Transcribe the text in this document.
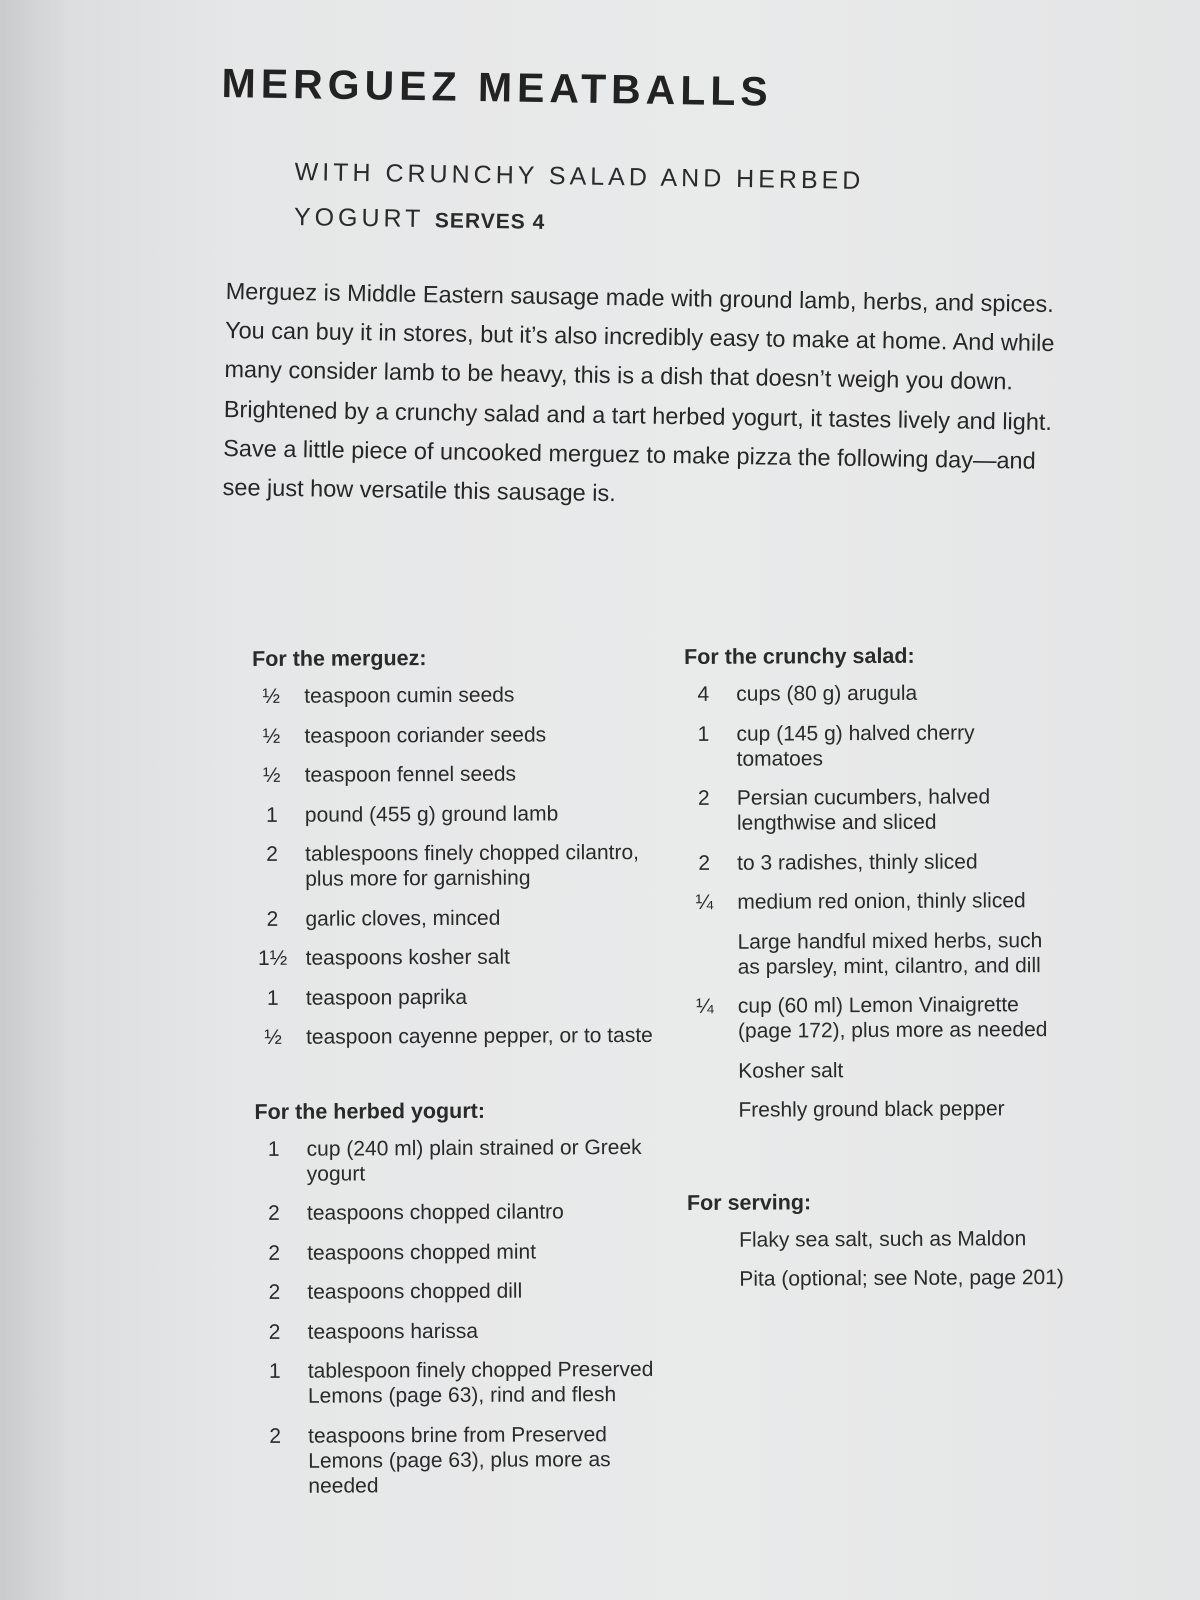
MERGUEZ MEATBALLS

WITH CRUNCHY SALAD AND HERBED YOGURT SERVES 4

Merguez is Middle Eastern sausage made with ground lamb, herbs, and spices. You can buy it in stores, but it’s also incredibly easy to make at home. And while many consider lamb to be heavy, this is a dish that doesn’t weigh you down. Brightened by a crunchy salad and a tart herbed yogurt, it tastes lively and light. Save a little piece of uncooked merguez to make pizza the following day—and see just how versatile this sausage is.

For the merguez:
½	teaspoon cumin seeds
½	teaspoon coriander seeds
½	teaspoon fennel seeds
1	pound (455 g) ground lamb
2	tablespoons finely chopped cilantro, plus more for garnishing
2	garlic cloves, minced
1½ teaspoons kosher salt
1	teaspoon paprika
½	teaspoon cayenne pepper, or to taste
For the herbed yogurt:
1	cup (240 ml) plain strained or Greek yogurt
2	teaspoons chopped cilantro
2	teaspoons chopped mint
2	teaspoons chopped dill
2	teaspoons harissa
1	tablespoon finely chopped Preserved Lemons (page 63), rind and flesh
2	teaspoons brine from Preserved Lemons (page 63), plus more as needed
For the crunchy salad:
4	cups (80 g) arugula
1	cup (145 g) halved cherry tomatoes
2	Persian cucumbers, halved lengthwise and sliced
2	to 3 radishes, thinly sliced
¼	medium red onion, thinly sliced
Large handful mixed herbs, such as parsley, mint, cilantro, and dill
¼	cup (60 ml) Lemon Vinaigrette (page 172), plus more as needed
Kosher salt
Freshly ground black pepper
For serving:
Flaky sea salt, such as Maldon
Pita (optional; see Note, page 201)
